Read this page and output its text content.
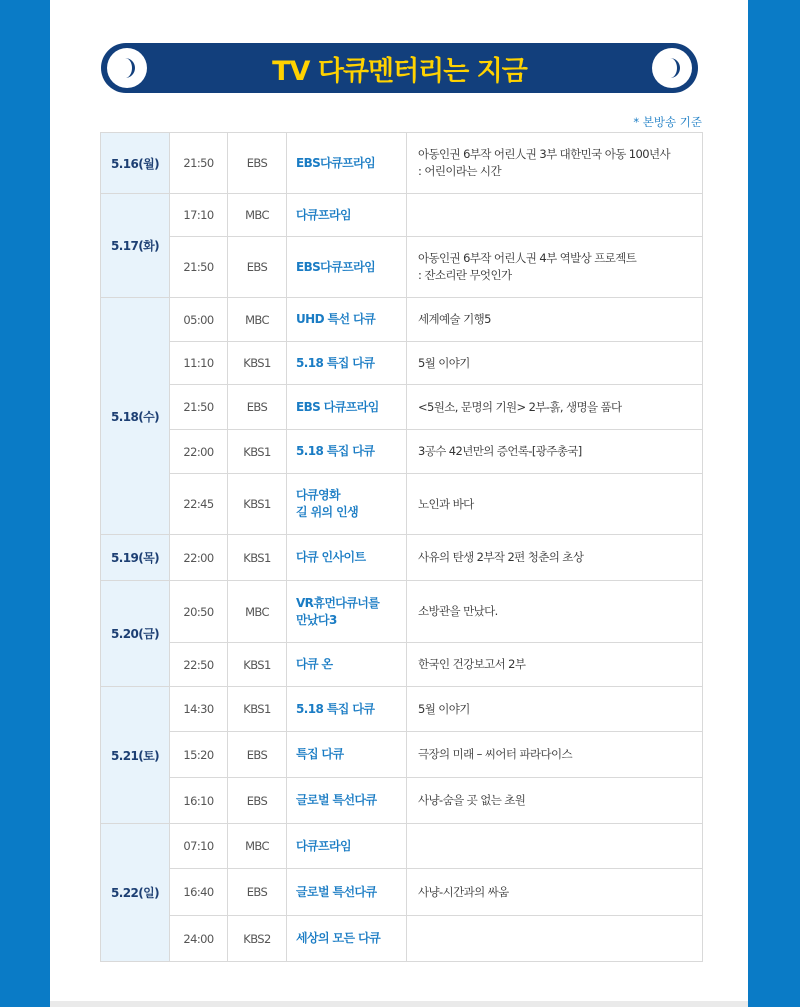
TV 다큐멘터리는 지금
* 본방송 기준
5.16(월)	21:50	EBS	EBS다큐프라임	아동인권 6부작 어린人권 3부 대한민국 아동 100년사
: 어린이라는 시간

5.17(화)	17:10	MBC	다큐프라임	

	21:50	EBS	EBS다큐프라임	아동인권 6부작 어린人권 4부 역발상 프로젝트
: 잔소리란 무엇인가

5.18(수)	05:00	MBC	UHD 특선 다큐	세계예술 기행5

	11:10	KBS1	5.18 특집 다큐	5월 이야기

	21:50	EBS	EBS 다큐프라임	<5원소, 문명의 기원> 2부-흙, 생명을 품다

	22:00	KBS1	5.18 특집 다큐	3공수 42년만의 증언록-[광주총국]

	22:45	KBS1	다큐영화
길 위의 인생	노인과 바다

5.19(목)	22:00	KBS1	다큐 인사이트	사유의 탄생 2부작 2편 청춘의 초상

5.20(금)	20:50	MBC	VR휴먼다큐너를
만났다3	소방관을 만났다.

	22:50	KBS1	다큐 온	한국인 건강보고서 2부

5.21(토)	14:30	KBS1	5.18 특집 다큐	5월 이야기

	15:20	EBS	특집 다큐	극장의 미래 – 씨어터 파라다이스

	16:10	EBS	글로벌 특선다큐	사냥-숨을 곳 없는 초원

5.22(일)	07:10	MBC	다큐프라임	

	16:40	EBS	글로벌 특선다큐	사냥-시간과의 싸움

	24:00	KBS2	세상의 모든 다큐	
